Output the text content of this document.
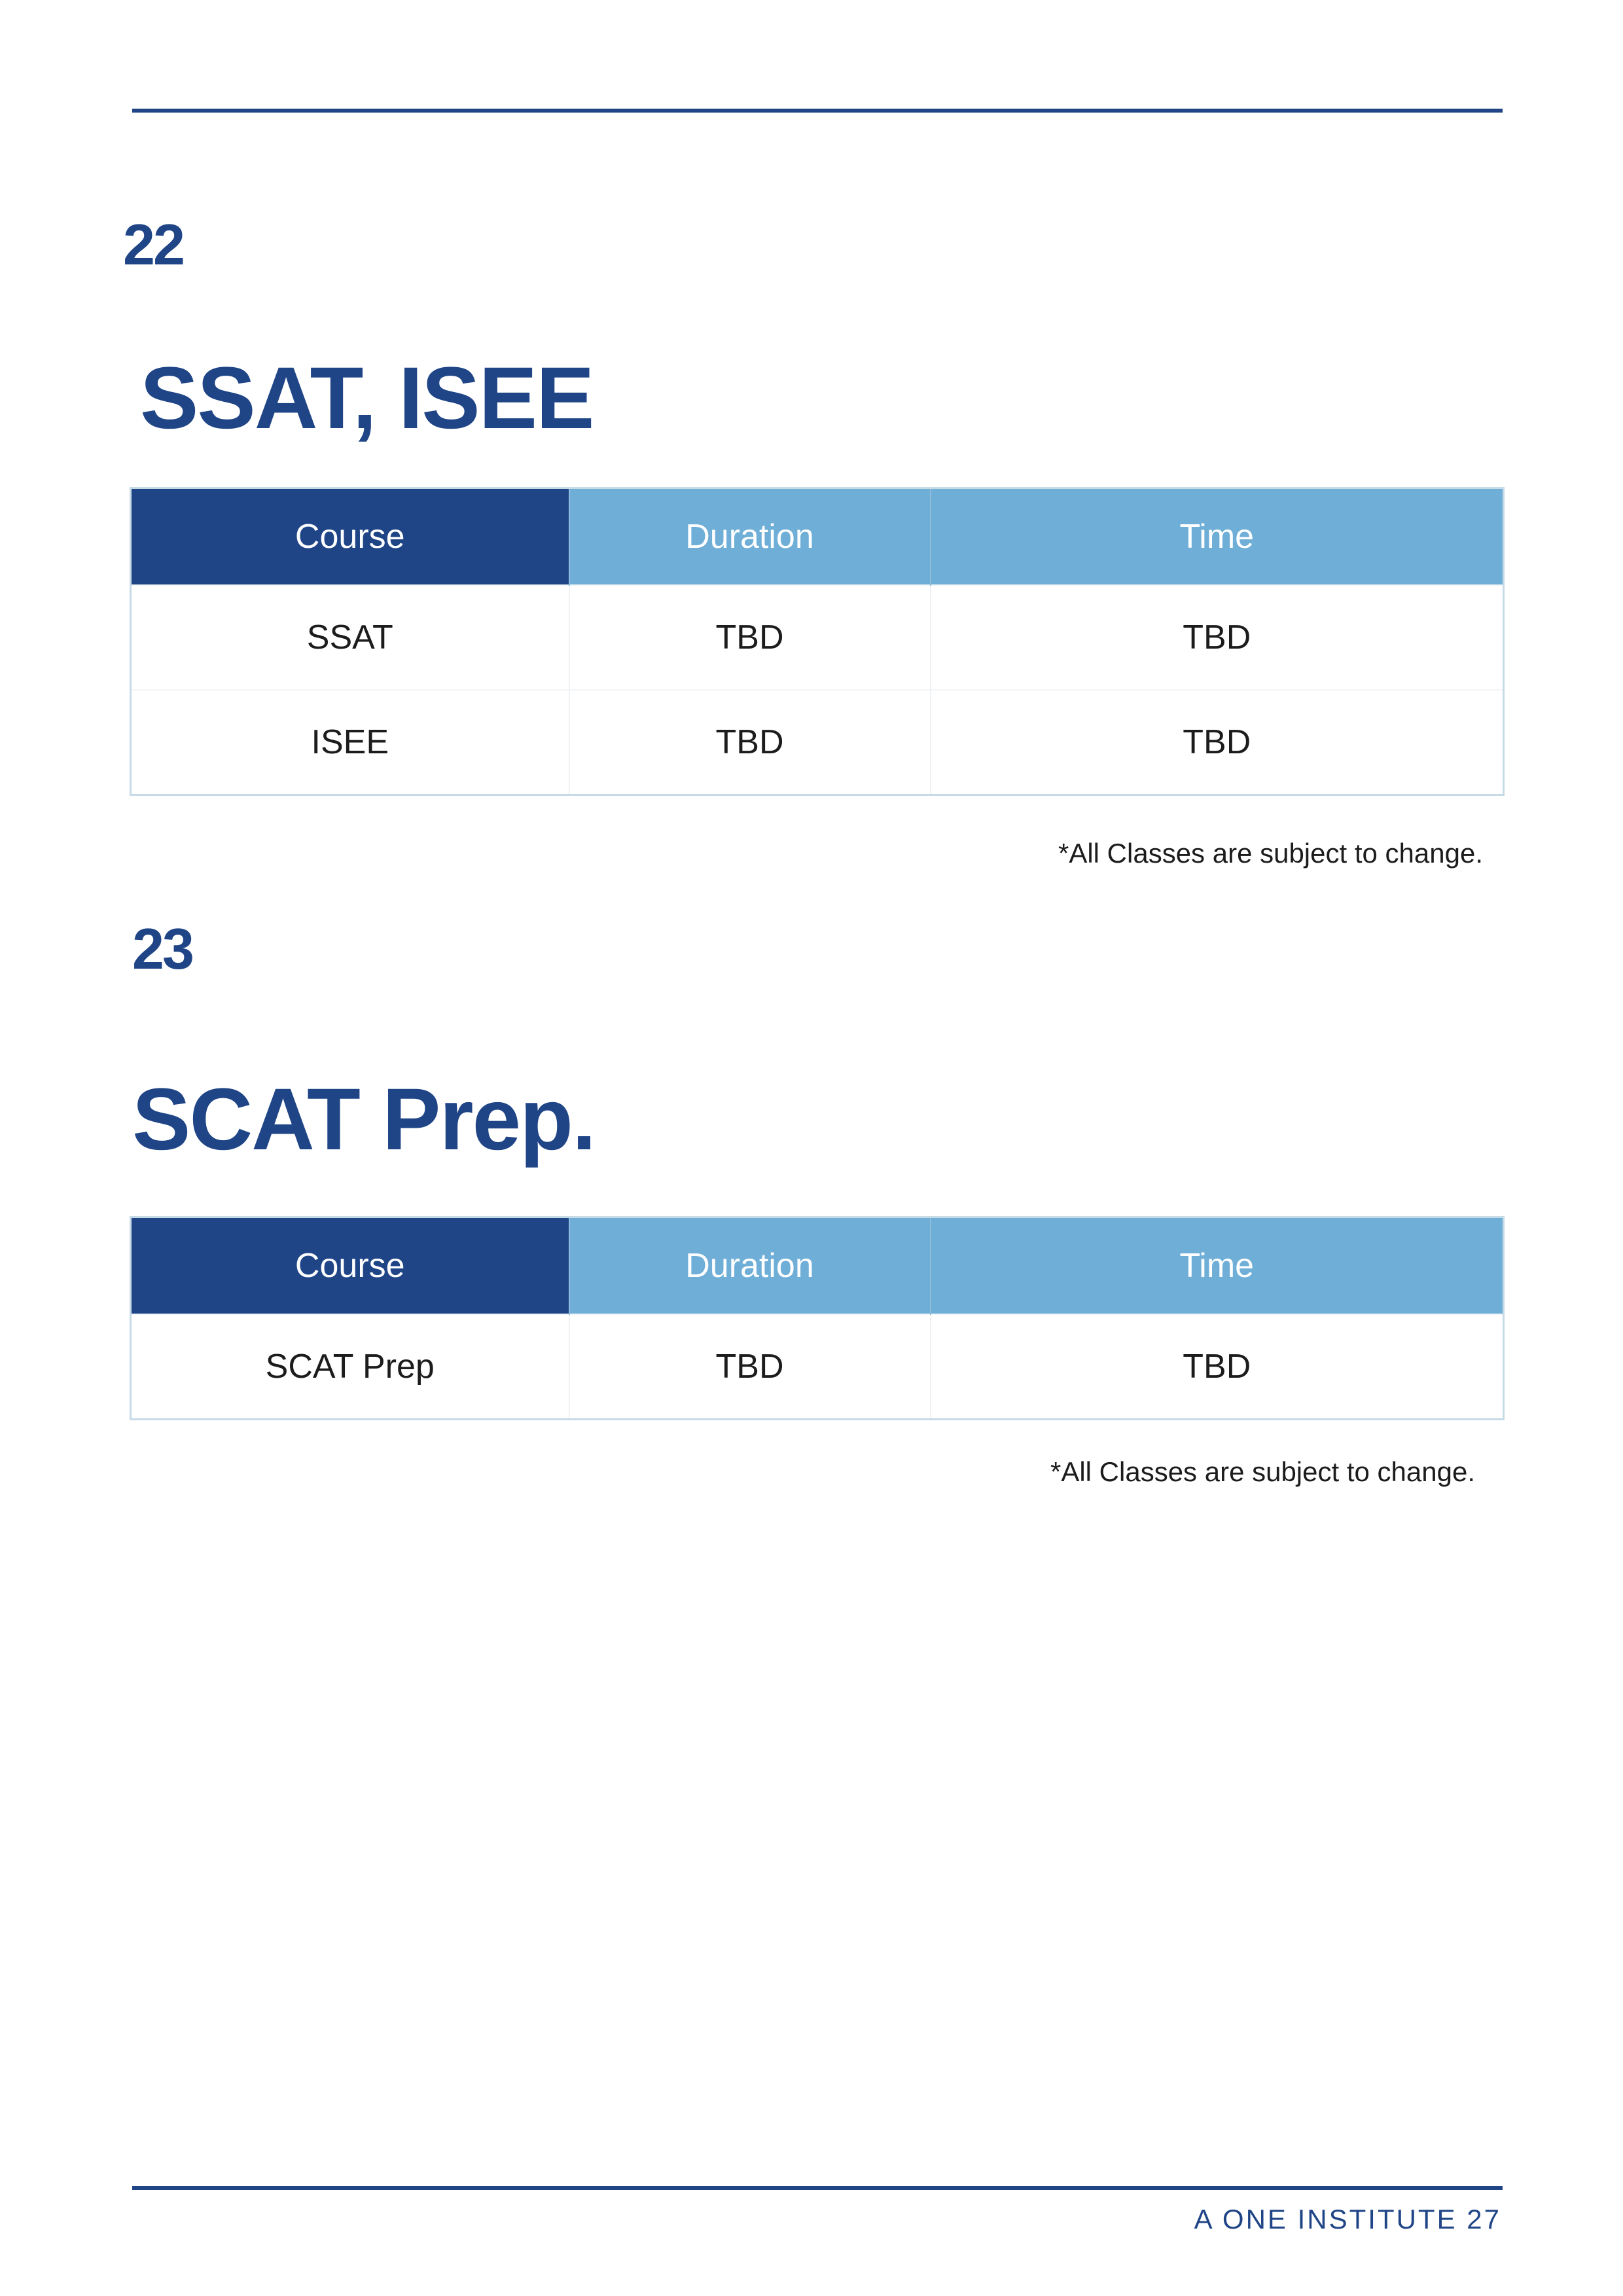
22
SSAT, ISEE
Course	Duration	Time
SSAT	TBD	TBD
ISEE	TBD	TBD
*All Classes are subject to change.
23
SCAT Prep.
Course	Duration	Time
SCAT Prep	TBD	TBD
*All Classes are subject to change.
A ONE INSTITUTE 27
